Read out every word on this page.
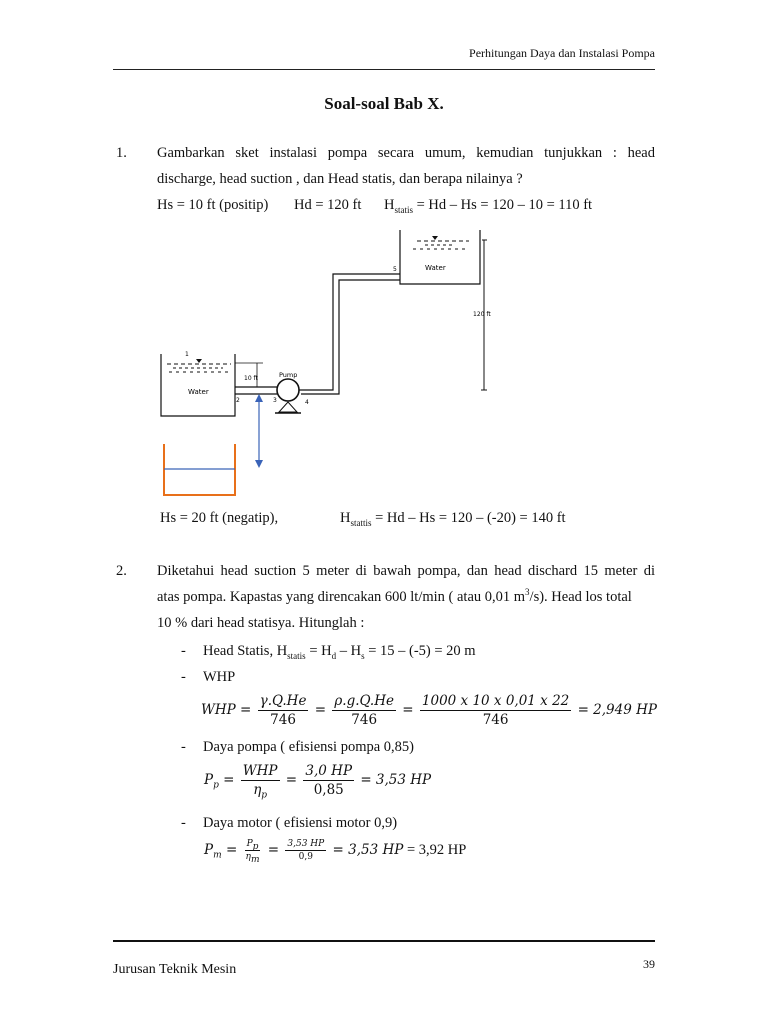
Perhitungan Daya dan Instalasi Pompa
Soal-soal Bab X.
1. Gambarkan sket instalasi pompa secara umum, kemudian tunjukkan : head
discharge, head suction , dan Head statis, dan berapa nilainya ?
Hs = 10 ft (positip) Hd = 120 ft $H_{statis} = Hd - Hs = 120 - 10 = 110$ ft
Water
5
120 ft
1
Water
10 ft
2	3	4
Pump
Hs = 20 ft (negatip),	$H_{stattis} = Hd - Hs = 120 - (-20) = 140$ ft
2. Diketahui head suction 5 meter di bawah pompa, dan head dischard 15 meter di
atas pompa. Kapastas yang direncakan 600 lt/min ( atau 0,01 $m^3/s$). Head los total
10 % dari head statisya. Hitunglah :
- Head Statis, $H_{statis} = H_d - H_s = 15 - (-5) = 20$ m
- WHP
WHP = $\frac{\gamma.Q.He}{746} = \frac{\rho.g.Q.He}{746} = \frac{1000 x 10 x 0,01 x 22}{746} = 2,949$ HP
- Daya pompa ( efisiensi pompa 0,85)
$P_p = \frac{\text{WHP}}{\eta_p} = \frac{3,0 HP}{0,85} = 3,53$ HP
- Daya motor ( efisiensi motor 0,9)
$P_m = \frac{P_p}{\eta_m} = \frac{3,53 HP}{0,9} = 3,53$ HP = 3,92 HP
39
Jurusan Teknik Mesin
